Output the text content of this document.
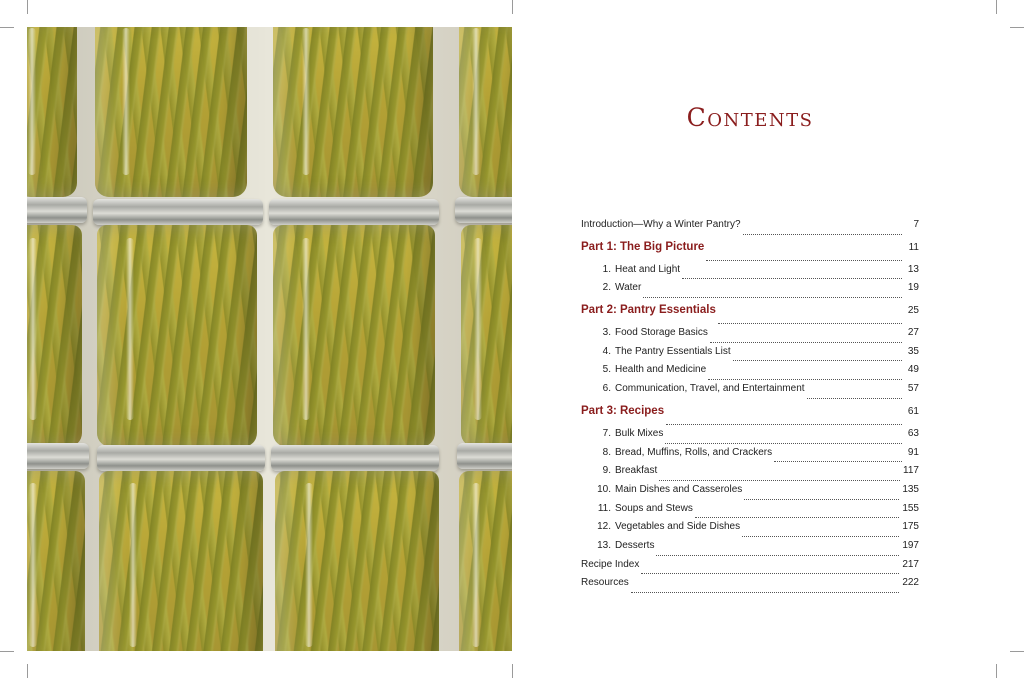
Contents
Introduction—Why a Winter Pantry?	7
Part 1: The Big Picture	11
1. Heat and Light	13
2. Water	19
Part 2: Pantry Essentials	25
3. Food Storage Basics	27
4. The Pantry Essentials List	35
5. Health and Medicine	49
6. Communication, Travel, and Entertainment	57
Part 3: Recipes	61
7. Bulk Mixes	63
8. Bread, Muffins, Rolls, and Crackers	91
9. Breakfast	117
10. Main Dishes and Casseroles	135
11. Soups and Stews	155
12. Vegetables and Side Dishes	175
13. Desserts	197
Recipe Index	217
Resources	222
